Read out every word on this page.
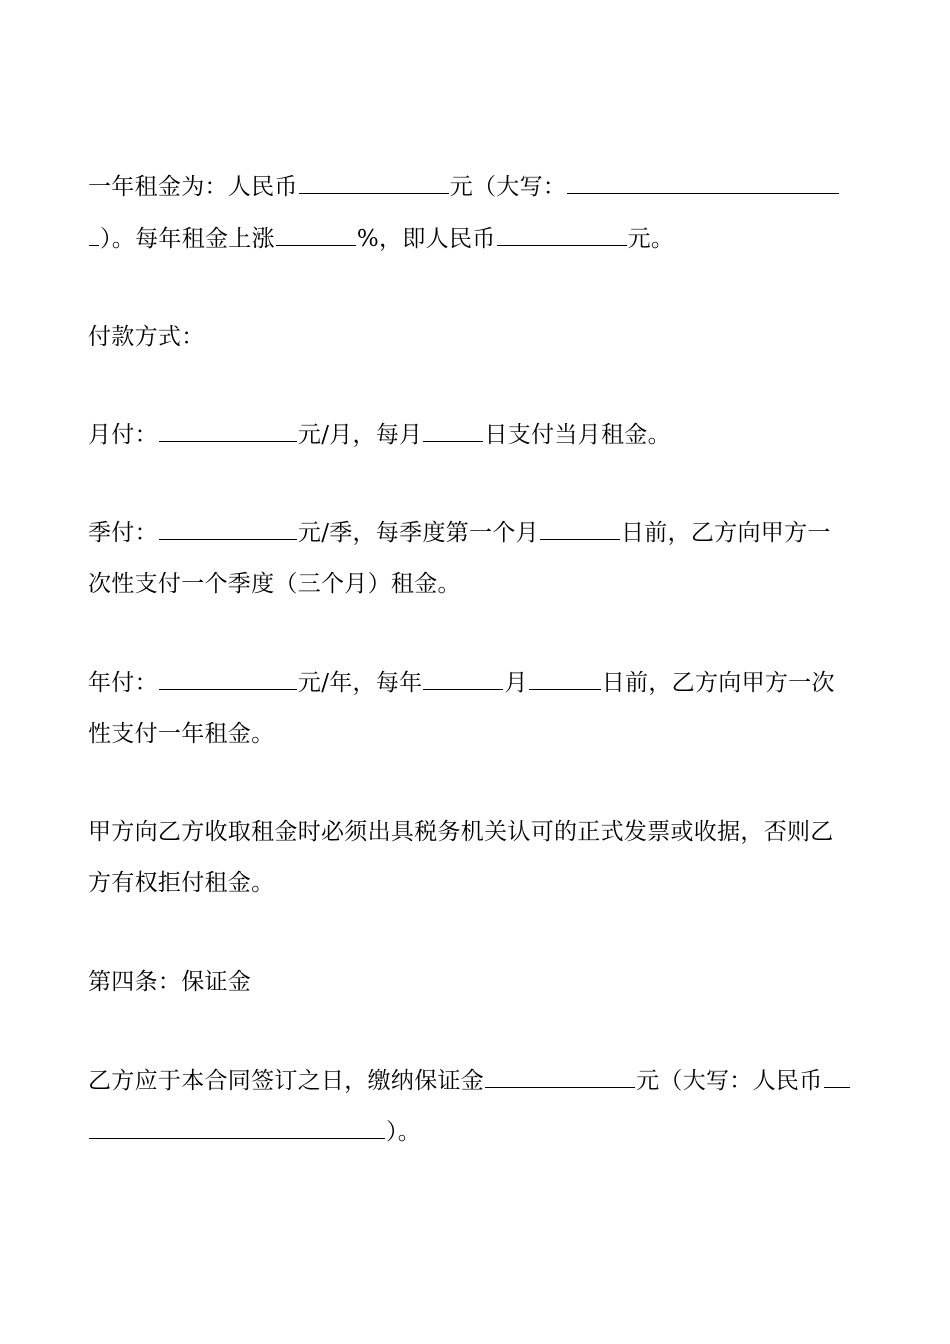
一年租金为：人民币	元（大写：
）。每年租金上涨	%，即人民币	元。
付款方式：
月付：	元/月，每月	日支付当月租金。
季付：	元/季，每季度第一个月	日前，乙方向甲方一
次性支付一个季度（三个月）租金。
年付：	元/年，每年	月	日前，乙方向甲方一次
性支付一年租金。
甲方向乙方收取租金时必须出具税务机关认可的正式发票或收据，否则乙
方有权拒付租金。
第四条：保证金
乙方应于本合同签订之日，缴纳保证金	元（大写：人民币
）。
